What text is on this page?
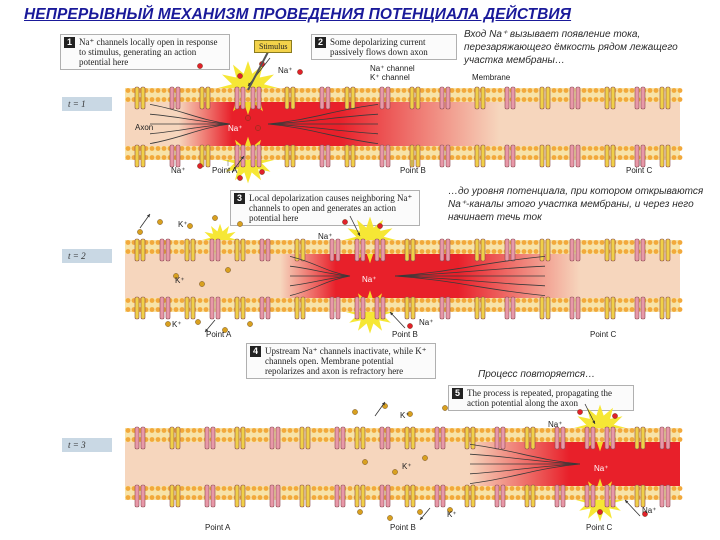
НЕПРЕРЫВНЫЙ МЕХАНИЗМ ПРОВЕДЕНИЯ ПОТЕНЦИАЛА ДЕЙСТВИЯ
Вход Na⁺ вызывает появление тока, перезаряжающего ёмкость рядом лежащего участка мембраны…
…до уровня потенциала, при котором открываются Na⁺-каналы этого участка мембраны, и через него начинает течь ток
Процесс повторяется…
1 Na⁺ channels locally open in response to stimulus, generating an action potential here
2 Some depolarizing current passively flows down axon
3 Local depolarization causes neighboring Na⁺ channels to open and generates an action potential here
4 Upstream Na⁺ channels inactivate, while K⁺ channels open. Membrane potential repolarizes and axon is refractory here
5 The process is repeated, propagating the action potential along the axon
t = 1
t = 2
t = 3
Stimulus
Axon
Membrane
Na⁺ channel
K⁺ channel
Na⁺
Na⁺
Na⁺	Point A	Point B	Point C
K⁺
Na⁺
K⁺	Na⁺
K⁺	Na⁺
Point A	Point B	Point C
K⁺
Na⁺
K⁺	Na⁺
K⁺	Na⁺
Point A	Point B	Point C
